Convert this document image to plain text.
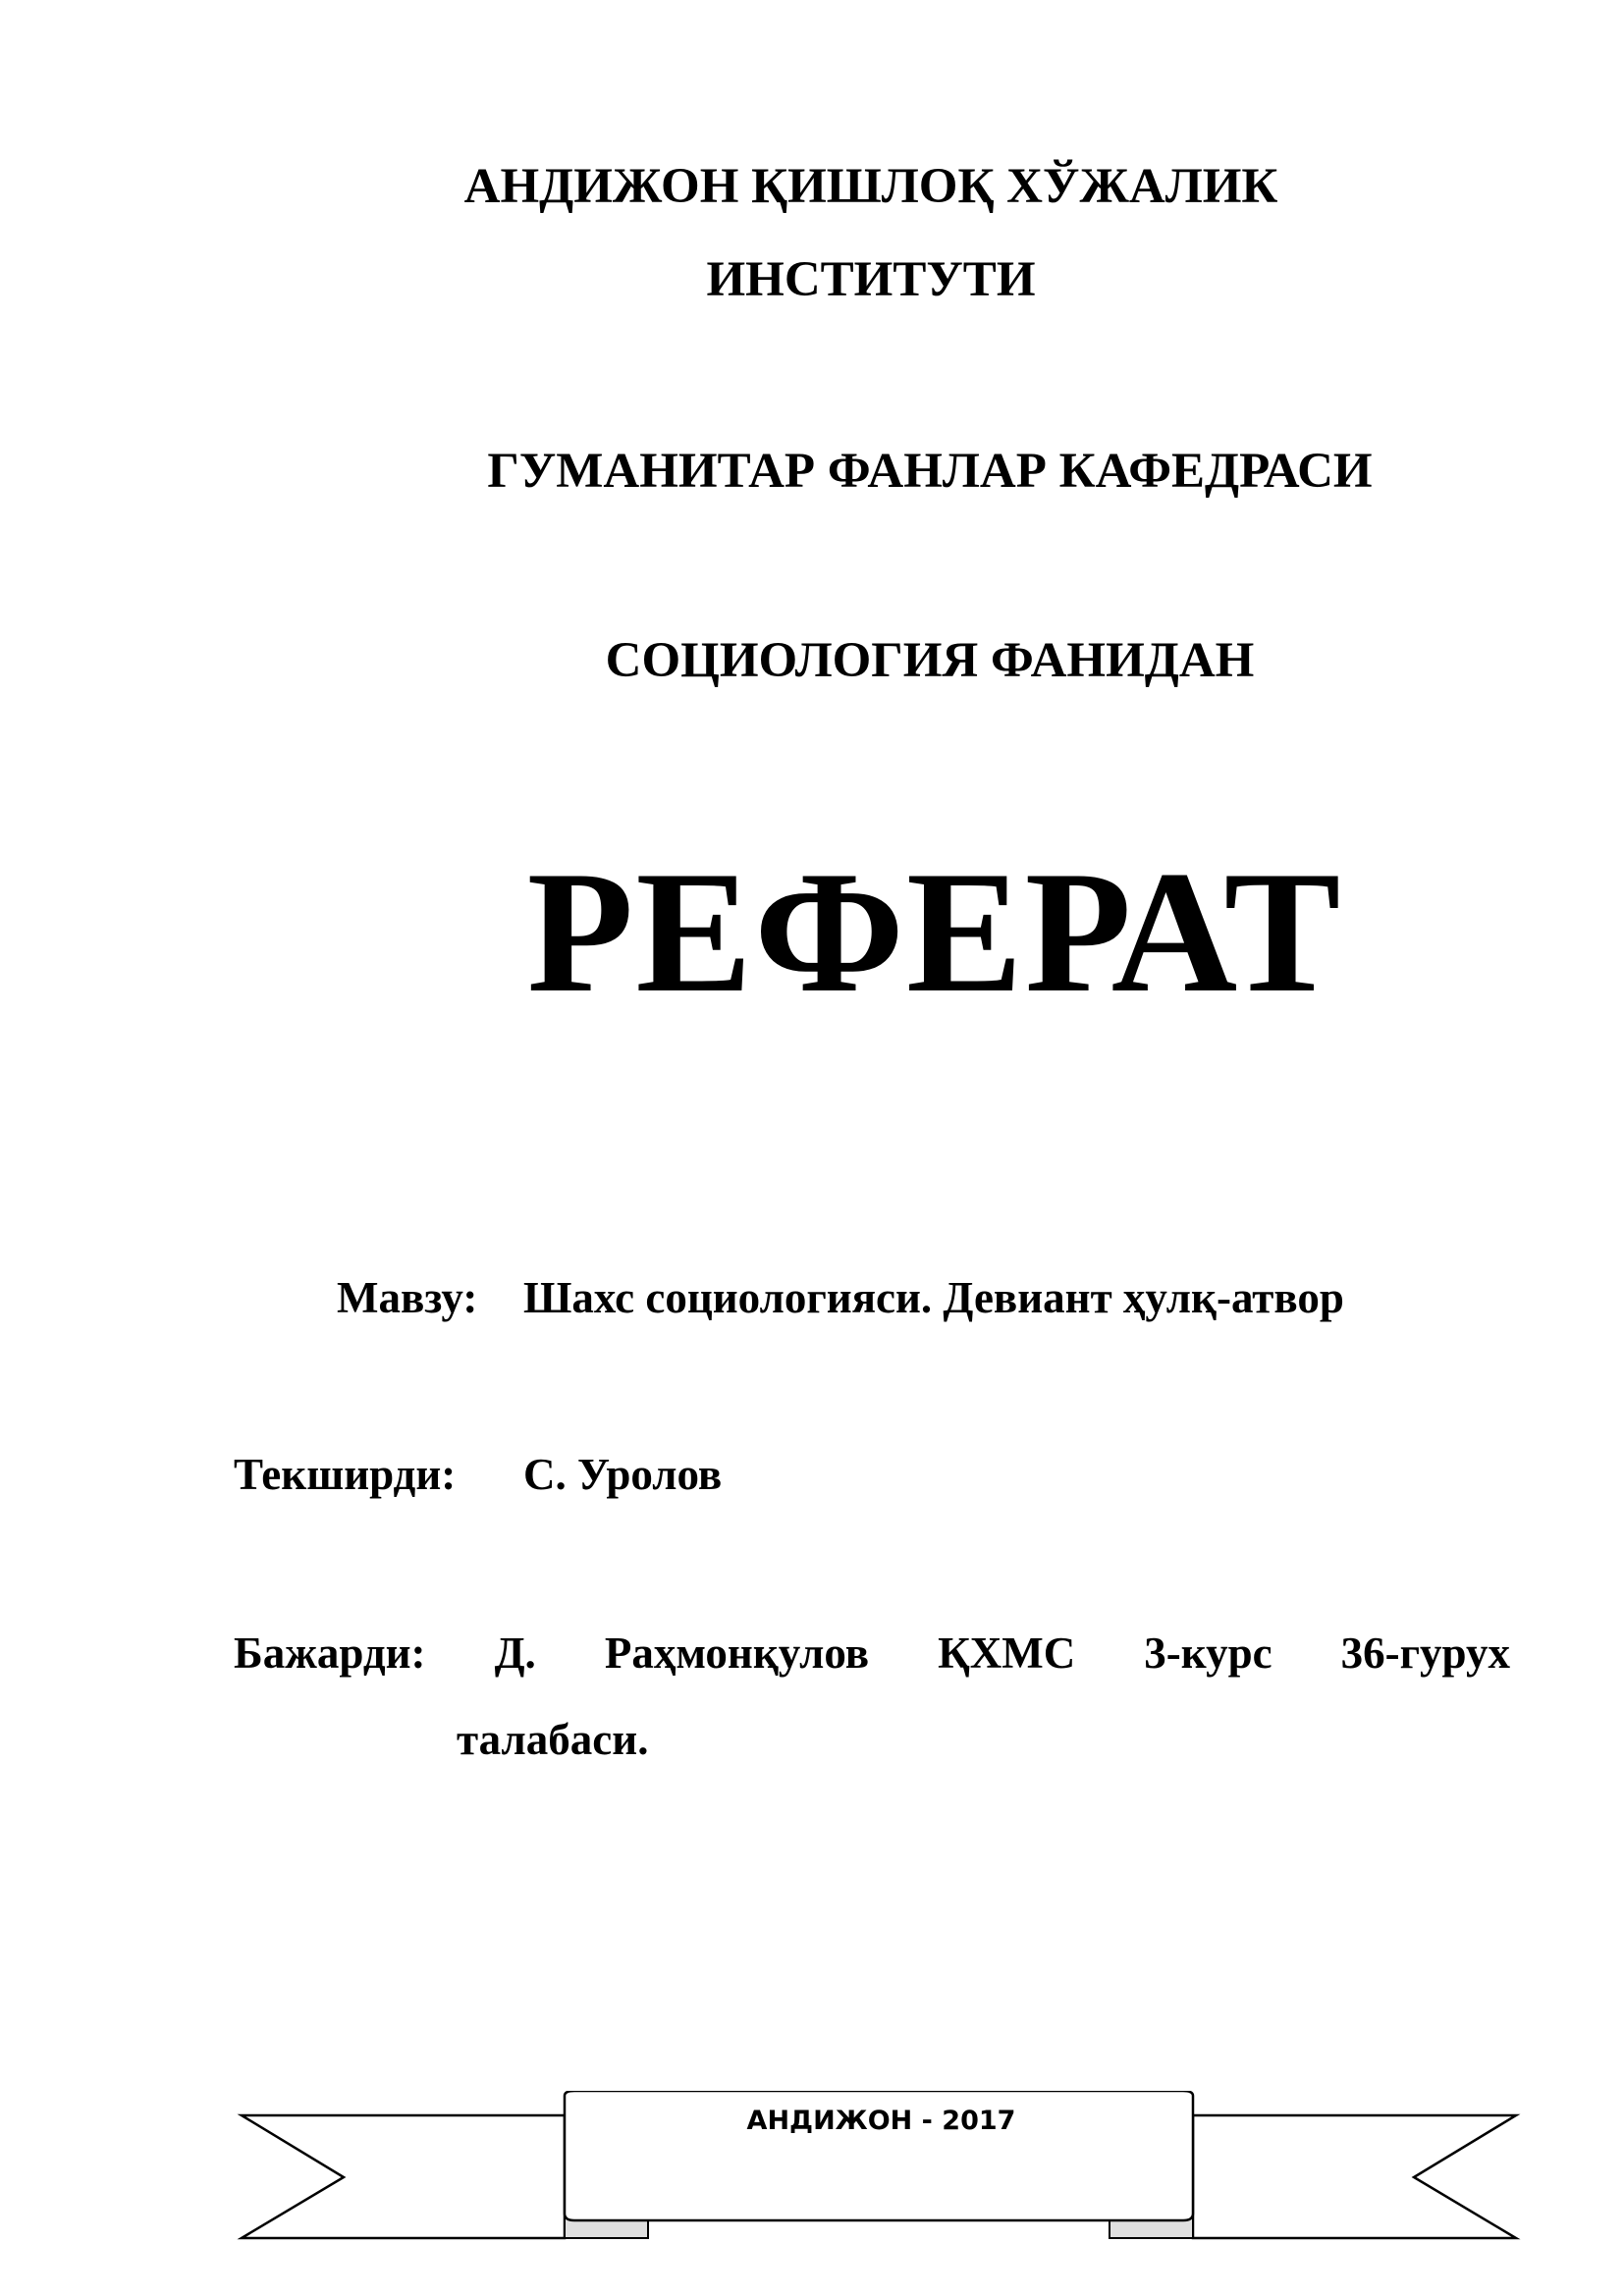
АНДИЖОН ҚИШЛОҚ ХЎЖАЛИК
ИНСТИТУТИ
ГУМАНИТАР ФАНЛАР КАФЕДРАСИ
СОЦИОЛОГИЯ ФАНИДАН
РЕФЕРАТ
Мавзу: Шахс социологияси. Девиант ҳулқ-атвор
Текширди: С. Уролов
Бажарди: Д. Раҳмонқулов ҚХМС 3-курс 36-гурух
талабаси.
АНДИЖОН - 2017
